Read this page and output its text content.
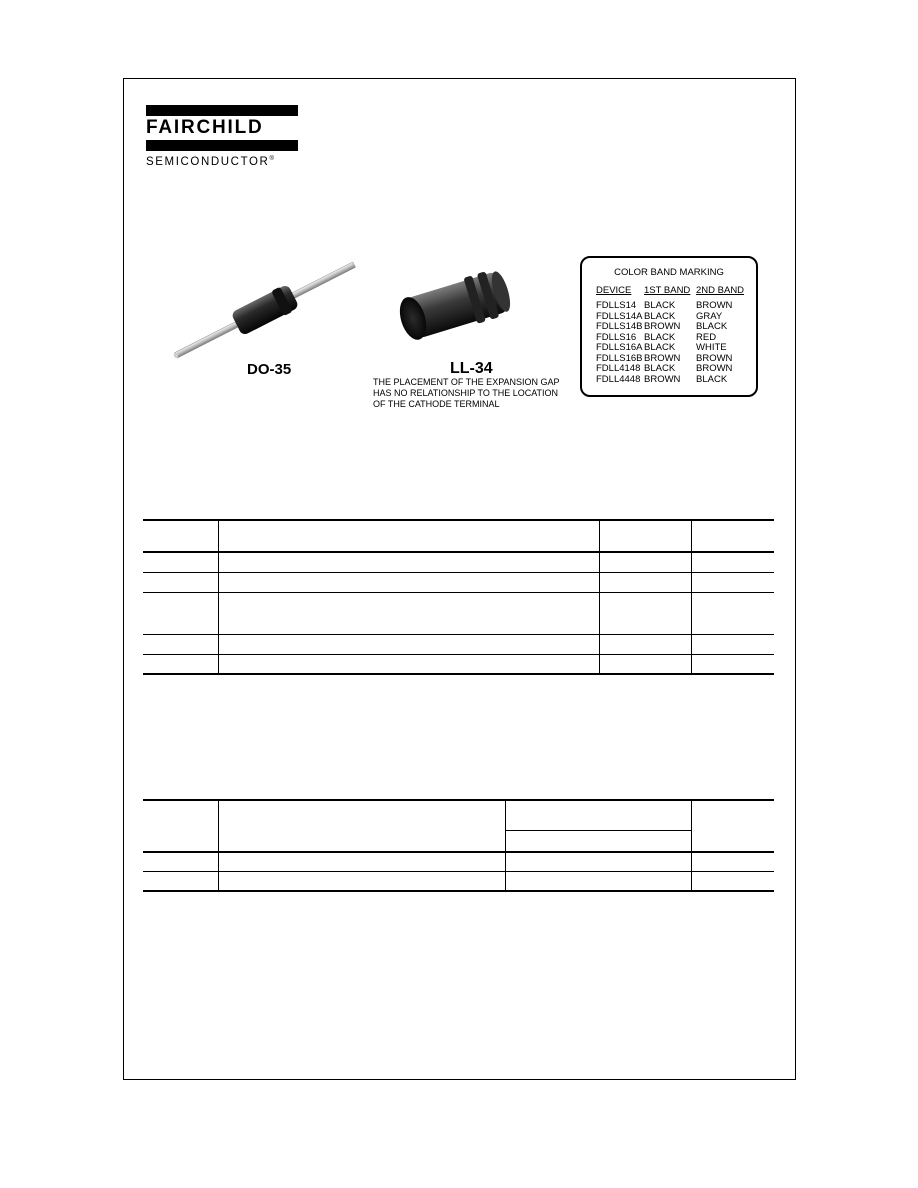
FAIRCHILD
SEMICONDUCTOR®
DO-35	LL-34
THE PLACEMENT OF THE EXPANSION GAP
HAS NO RELATIONSHIP TO THE LOCATION
OF THE CATHODE TERMINAL
COLOR BAND MARKING
DEVICE 1ST BAND 2ND BAND
FDLLS14 BLACK BROWN
FDLLS14A BLACK GRAY
FDLLS14B BROWN BLACK
FDLLS16 BLACK RED
FDLLS16A BLACK WHITE
FDLLS16B BROWN BROWN
FDLL4148 BLACK BROWN
FDLL4448 BROWN BLACK
